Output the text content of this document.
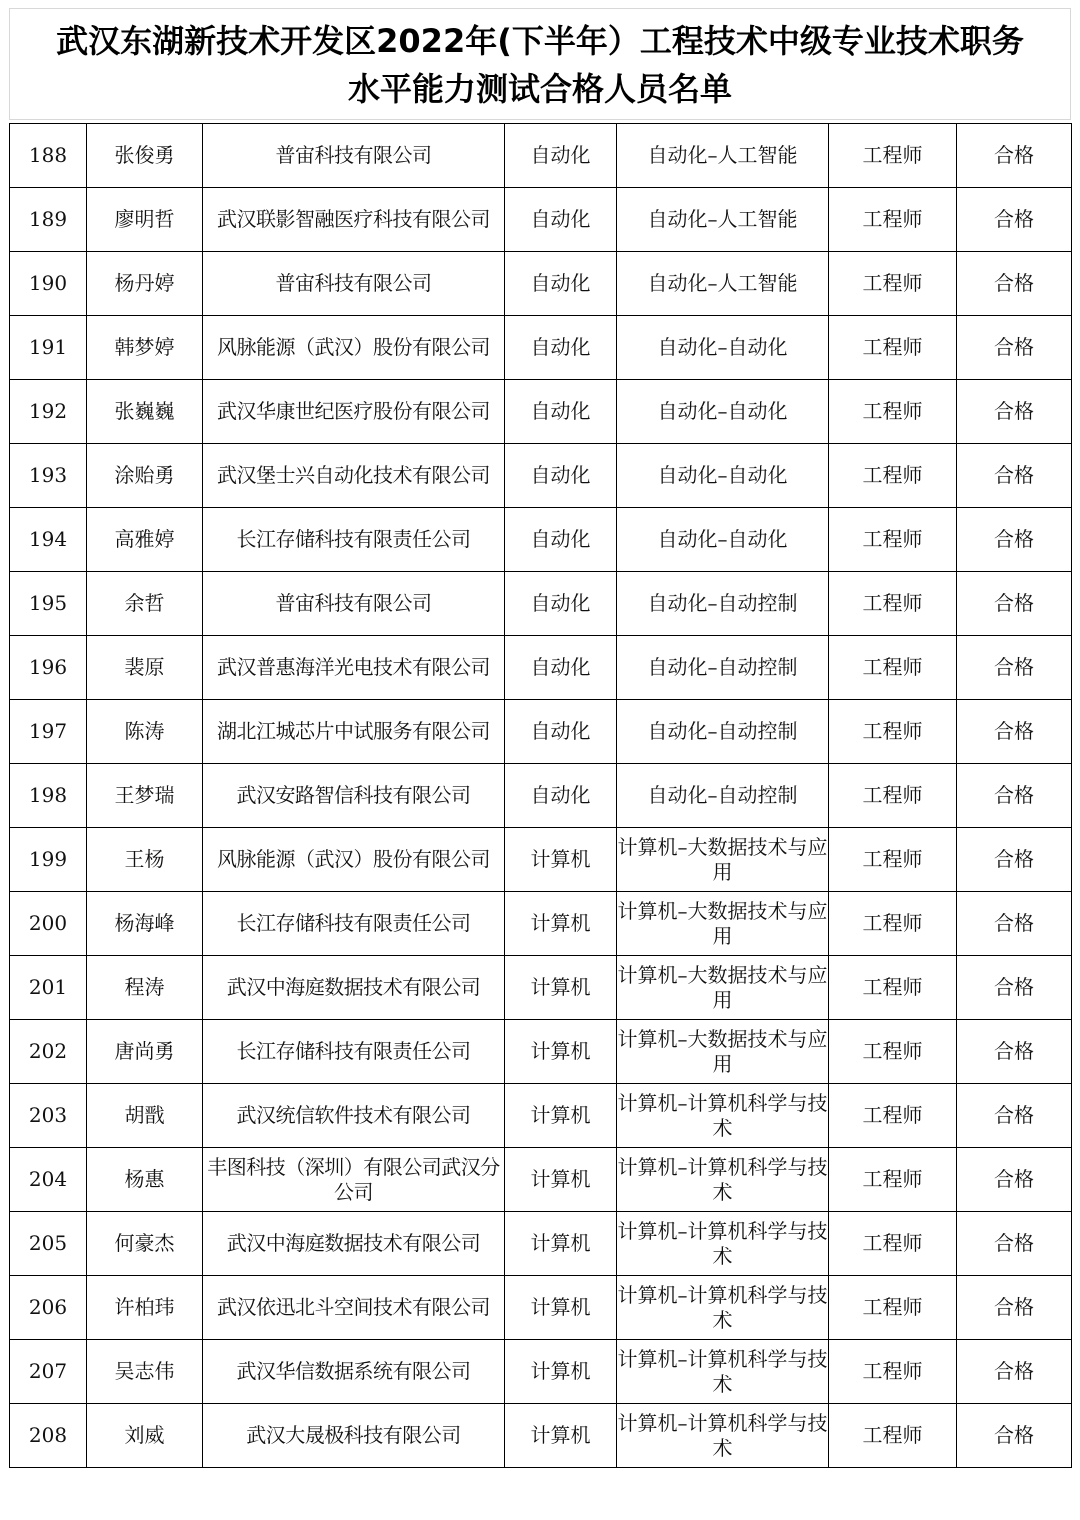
武汉东湖新技术开发区2022年(下半年）工程技术中级专业技术职务
水平能力测试合格人员名单
188	张俊勇	普宙科技有限公司	自动化	自动化–人工智能	工程师	合格
189	廖明哲	武汉联影智融医疗科技有限公司	自动化	自动化–人工智能	工程师	合格
190	杨丹婷	普宙科技有限公司	自动化	自动化–人工智能	工程师	合格
191	韩梦婷	风脉能源（武汉）股份有限公司	自动化	自动化–自动化	工程师	合格
192	张巍巍	武汉华康世纪医疗股份有限公司	自动化	自动化–自动化	工程师	合格
193	涂贻勇	武汉堡士兴自动化技术有限公司	自动化	自动化–自动化	工程师	合格
194	高雅婷	长江存储科技有限责任公司	自动化	自动化–自动化	工程师	合格
195	余哲	普宙科技有限公司	自动化	自动化–自动控制	工程师	合格
196	裴原	武汉普惠海洋光电技术有限公司	自动化	自动化–自动控制	工程师	合格
197	陈涛	湖北江城芯片中试服务有限公司	自动化	自动化–自动控制	工程师	合格
198	王梦瑞	武汉安路智信科技有限公司	自动化	自动化–自动控制	工程师	合格
199	王杨	风脉能源（武汉）股份有限公司	计算机	计算机–大数据技术与应用	工程师	合格
200	杨海峰	长江存储科技有限责任公司	计算机	计算机–大数据技术与应用	工程师	合格
201	程涛	武汉中海庭数据技术有限公司	计算机	计算机–大数据技术与应用	工程师	合格
202	唐尚勇	长江存储科技有限责任公司	计算机	计算机–大数据技术与应用	工程师	合格
203	胡戬	武汉统信软件技术有限公司	计算机	计算机–计算机科学与技术	工程师	合格
204	杨惠	丰图科技（深圳）有限公司武汉分公司	计算机	计算机–计算机科学与技术	工程师	合格
205	何豪杰	武汉中海庭数据技术有限公司	计算机	计算机–计算机科学与技术	工程师	合格
206	许柏玮	武汉依迅北斗空间技术有限公司	计算机	计算机–计算机科学与技术	工程师	合格
207	吴志伟	武汉华信数据系统有限公司	计算机	计算机–计算机科学与技术	工程师	合格
208	刘威	武汉大晟极科技有限公司	计算机	计算机–计算机科学与技术	工程师	合格
